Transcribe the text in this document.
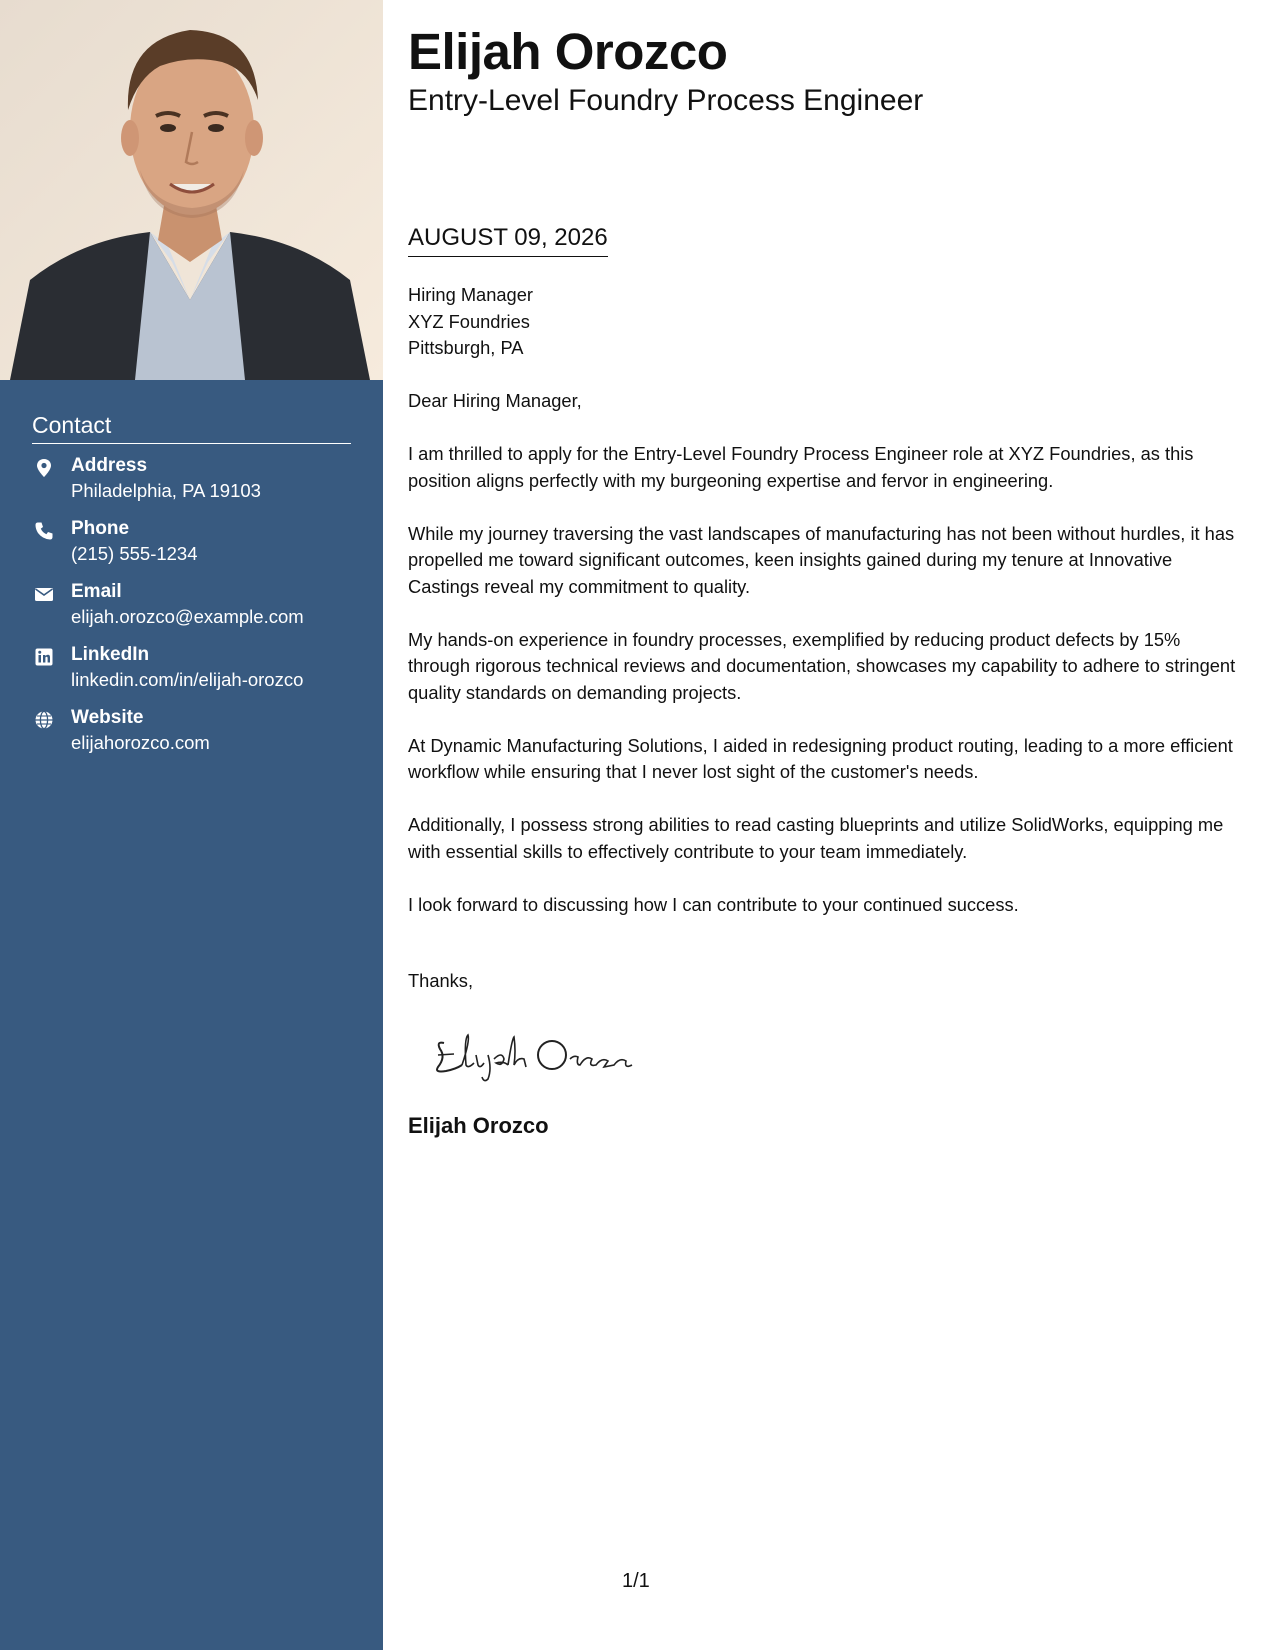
Contact
Address
Philadelphia, PA 19103
Phone
(215) 555-1234
Email
elijah.orozco@example.com
LinkedIn
linkedin.com/in/elijah-orozco
Website
elijahorozco.com
Elijah Orozco
Entry-Level Foundry Process Engineer
AUGUST 09, 2026

Hiring Manager

XYZ Foundries

Pittsburgh, PA

Dear Hiring Manager,

I am thrilled to apply for the Entry-Level Foundry Process Engineer role at XYZ Foundries, as this position aligns perfectly with my burgeoning expertise and fervor in engineering.

While my journey traversing the vast landscapes of manufacturing has not been without hurdles, it has propelled me toward significant outcomes, keen insights gained during my tenure at Innovative Castings reveal my commitment to quality.

My hands-on experience in foundry processes, exemplified by reducing product defects by 15% through rigorous technical reviews and documentation, showcases my capability to adhere to stringent quality standards on demanding projects.

At Dynamic Manufacturing Solutions, I aided in redesigning product routing, leading to a more efficient workflow while ensuring that I never lost sight of the customer's needs.

Additionally, I possess strong abilities to read casting blueprints and utilize SolidWorks, equipping me with essential skills to effectively contribute to your team immediately.

I look forward to discussing how I can contribute to your continued success.

Thanks,
Elijah Orozco
1/1
